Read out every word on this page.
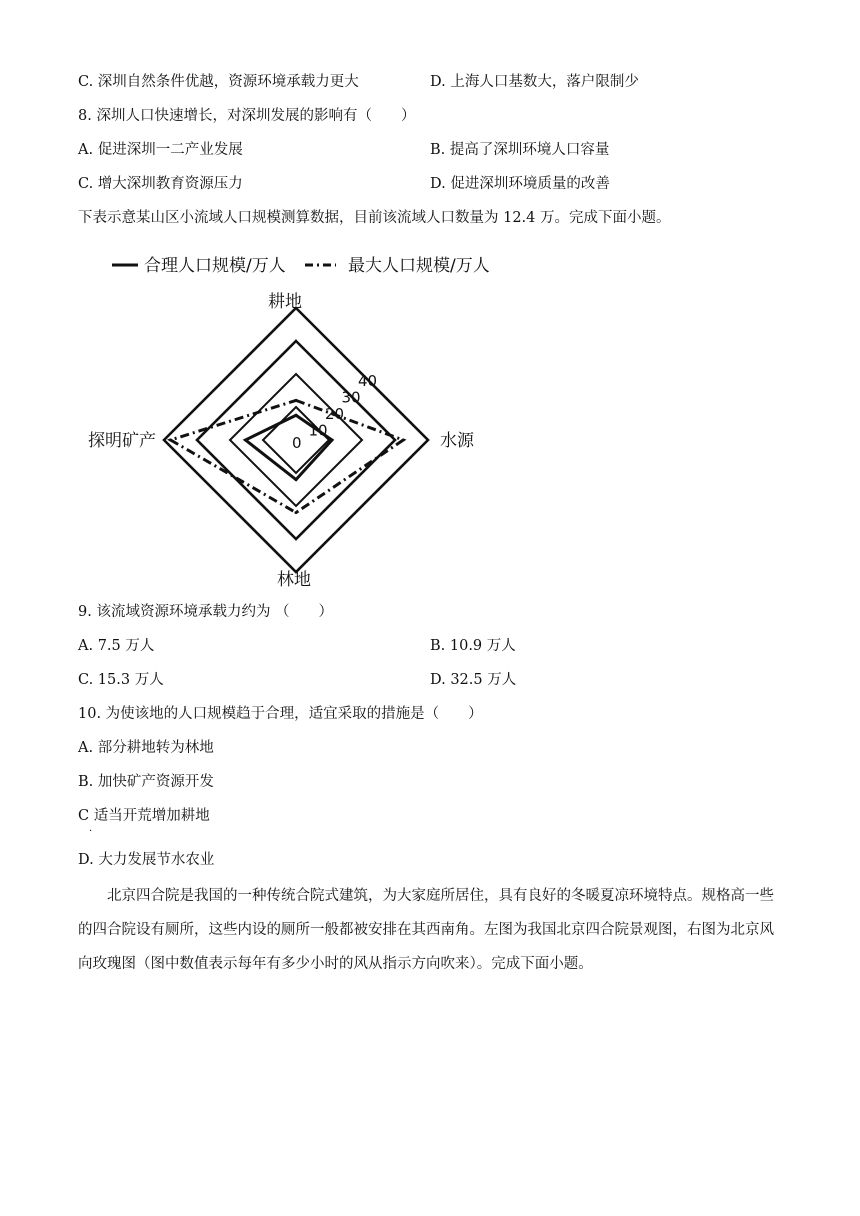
C. 深圳自然条件优越，资源环境承载力更大	D. 上海人口基数大，落户限制少
8. 深圳人口快速增长，对深圳发展的影响有（　　）
A. 促进深圳一二产业发展	B. 提高了深圳环境人口容量
C. 增大深圳教育资源压力	D. 促进深圳环境质量的改善
下表示意某山区小流域人口规模测算数据，目前该流域人口数量为 12.4 万。完成下面小题。
合理人口规模/万人	最大人口规模/万人
0
10
20
30
40
耕地
水源
林地
探明矿产
9. 该流域资源环境承载力约为 （　　）
A. 7.5 万人	B. 10.9 万人
C. 15.3 万人	D. 32.5 万人
10. 为使该地的人口规模趋于合理，适宜采取的措施是（　　）
A. 部分耕地转为林地
B. 加快矿产资源开发
C 适当开荒增加耕地
·
D. 大力发展节水农业
北京四合院是我国的一种传统合院式建筑，为大家庭所居住，具有良好的冬暖夏凉环境特点。规格高一些的四合院设有厕所，这些内设的厕所一般都被安排在其西南角。左图为我国北京四合院景观图，右图为北京风向玫瑰图（图中数值表示每年有多少小时的风从指示方向吹来）。完成下面小题。
